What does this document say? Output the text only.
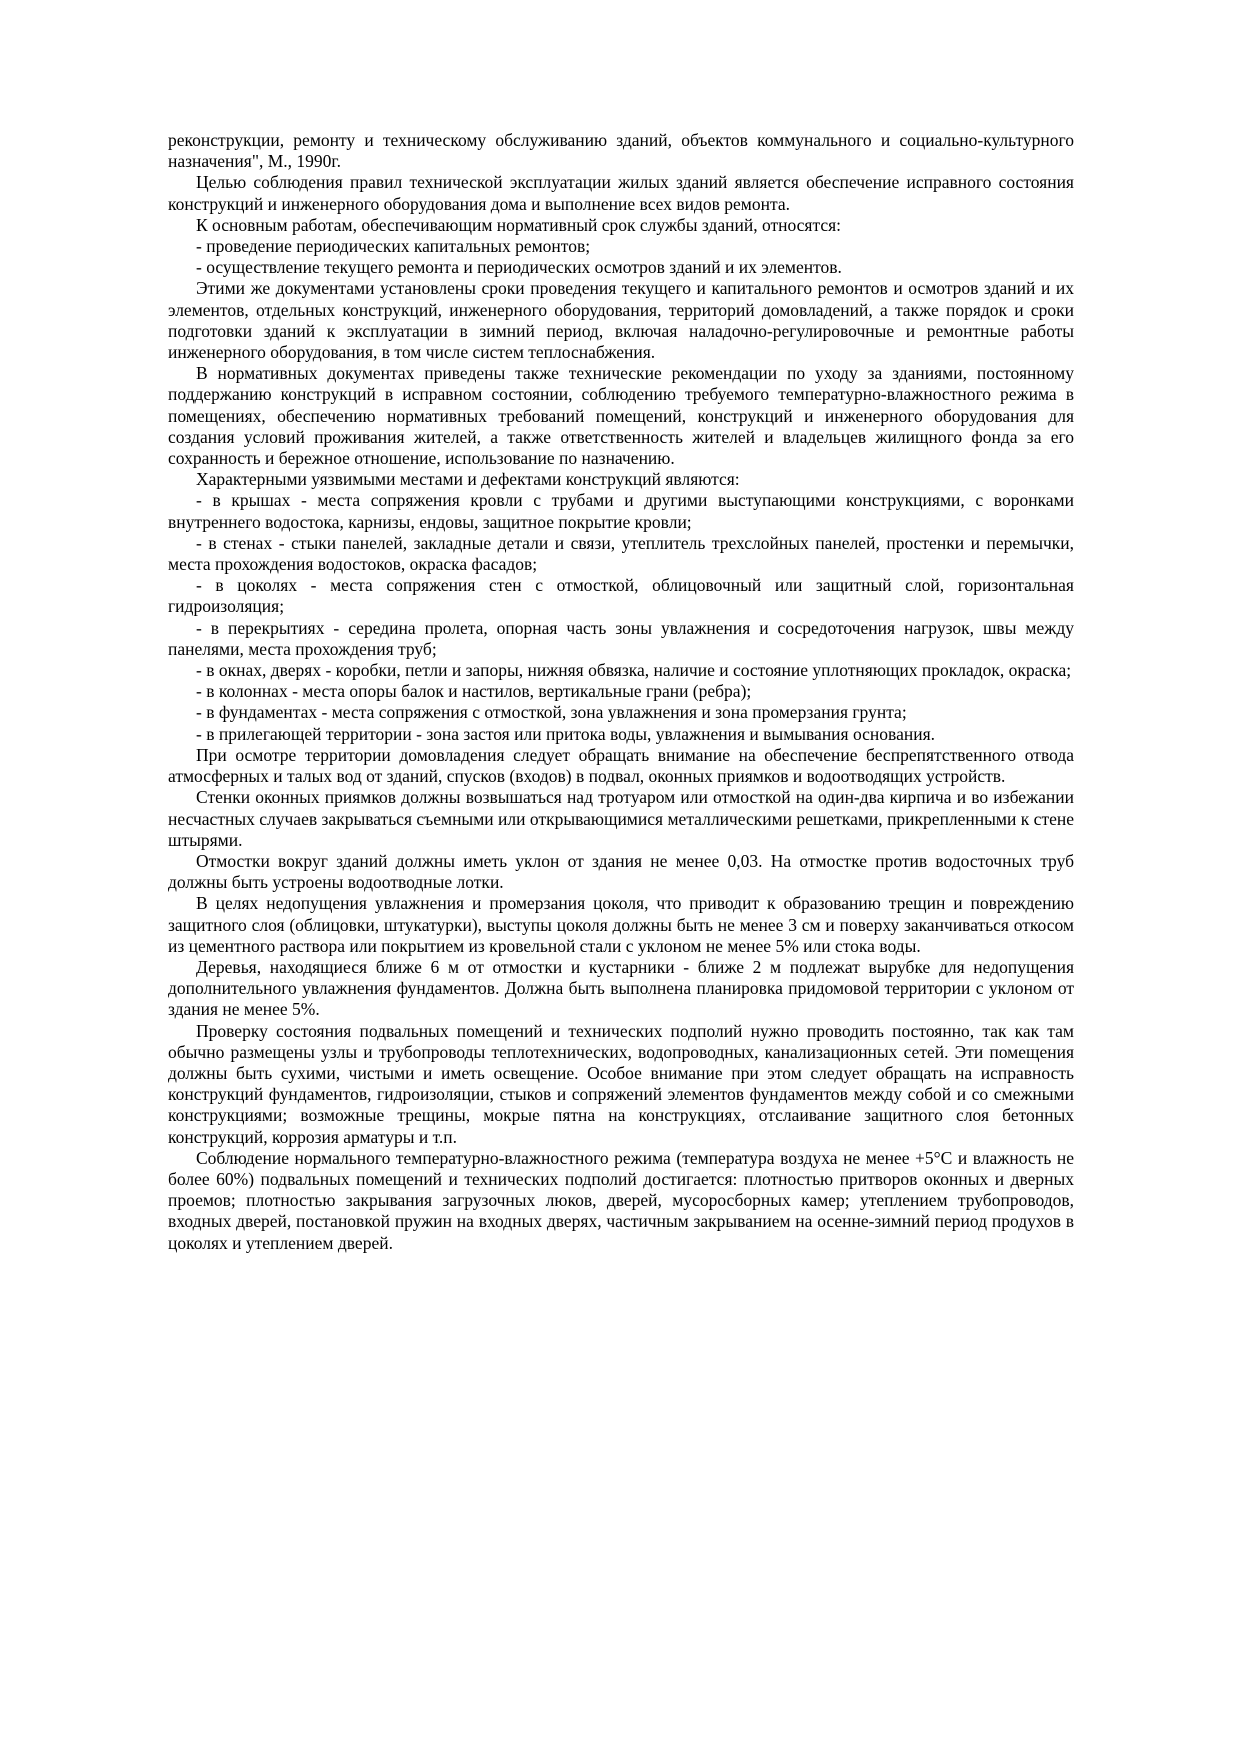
реконструкции, ремонту и техническому обслуживанию зданий, объектов коммунального и социально-культурного назначения", М., 1990г.

Целью соблюдения правил технической эксплуатации жилых зданий является обеспечение исправного состояния конструкций и инженерного оборудования дома и выполнение всех видов ремонта.

К основным работам, обеспечивающим нормативный срок службы зданий, относятся:

- проведение периодических капитальных ремонтов;

- осуществление текущего ремонта и периодических осмотров зданий и их элементов.

Этими же документами установлены сроки проведения текущего и капитального ремонтов и осмотров зданий и их элементов, отдельных конструкций, инженерного оборудования, территорий домовладений, а также порядок и сроки подготовки зданий к эксплуатации в зимний период, включая наладочно-регулировочные и ремонтные работы инженерного оборудования, в том числе систем теплоснабжения.

В нормативных документах приведены также технические рекомендации по уходу за зданиями, постоянному поддержанию конструкций в исправном состоянии, соблюдению требуемого температурно-влажностного режима в помещениях, обеспечению нормативных требований помещений, конструкций и инженерного оборудования для создания условий проживания жителей, а также ответственность жителей и владельцев жилищного фонда за его сохранность и бережное отношение, использование по назначению.

Характерными уязвимыми местами и дефектами конструкций являются:

- в крышах - места сопряжения кровли с трубами и другими выступающими конструкциями, с воронками внутреннего водостока, карнизы, ендовы, защитное покрытие кровли;

- в стенах - стыки панелей, закладные детали и связи, утеплитель трехслойных панелей, простенки и перемычки, места прохождения водостоков, окраска фасадов;

- в цоколях - места сопряжения стен с отмосткой, облицовочный или защитный слой, горизонтальная гидроизоляция;

- в перекрытиях - середина пролета, опорная часть зоны увлажнения и сосредоточения нагрузок, швы между панелями, места прохождения труб;

- в окнах, дверях - коробки, петли и запоры, нижняя обвязка, наличие и состояние уплотняющих прокладок, окраска;

- в колоннах - места опоры балок и настилов, вертикальные грани (ребра);

- в фундаментах - места сопряжения с отмосткой, зона увлажнения и зона промерзания грунта;

- в прилегающей территории - зона застоя или притока воды, увлажнения и вымывания основания.

При осмотре территории домовладения следует обращать внимание на обеспечение беспрепятственного отвода атмосферных и талых вод от зданий, спусков (входов) в подвал, оконных приямков и водоотводящих устройств.

Стенки оконных приямков должны возвышаться над тротуаром или отмосткой на один-два кирпича и во избежании несчастных случаев закрываться съемными или открывающимися металлическими решетками, прикрепленными к стене штырями.

Отмостки вокруг зданий должны иметь уклон от здания не менее 0,03. На отмостке против водосточных труб должны быть устроены водоотводные лотки.

В целях недопущения увлажнения и промерзания цоколя, что приводит к образованию трещин и повреждению защитного слоя (облицовки, штукатурки), выступы цоколя должны быть не менее 3 см и поверху заканчиваться откосом из цементного раствора или покрытием из кровельной стали с уклоном не менее 5% или стока воды.

Деревья, находящиеся ближе 6 м от отмостки и кустарники - ближе 2 м подлежат вырубке для недопущения дополнительного увлажнения фундаментов. Должна быть выполнена планировка придомовой территории с уклоном от здания не менее 5%.

Проверку состояния подвальных помещений и технических подполий нужно проводить постоянно, так как там обычно размещены узлы и трубопроводы теплотехнических, водопроводных, канализационных сетей. Эти помещения должны быть сухими, чистыми и иметь освещение. Особое внимание при этом следует обращать на исправность конструкций фундаментов, гидроизоляции, стыков и сопряжений элементов фундаментов между собой и со смежными конструкциями; возможные трещины, мокрые пятна на конструкциях, отслаивание защитного слоя бетонных конструкций, коррозия арматуры и т.п.

Соблюдение нормального температурно-влажностного режима (температура воздуха не менее +5°С и влажность не более 60%) подвальных помещений и технических подполий достигается: плотностью притворов оконных и дверных проемов; плотностью закрывания загрузочных люков, дверей, мусоросборных камер; утеплением трубопроводов, входных дверей, постановкой пружин на входных дверях, частичным закрыванием на осенне-зимний период продухов в цоколях и утеплением дверей.
